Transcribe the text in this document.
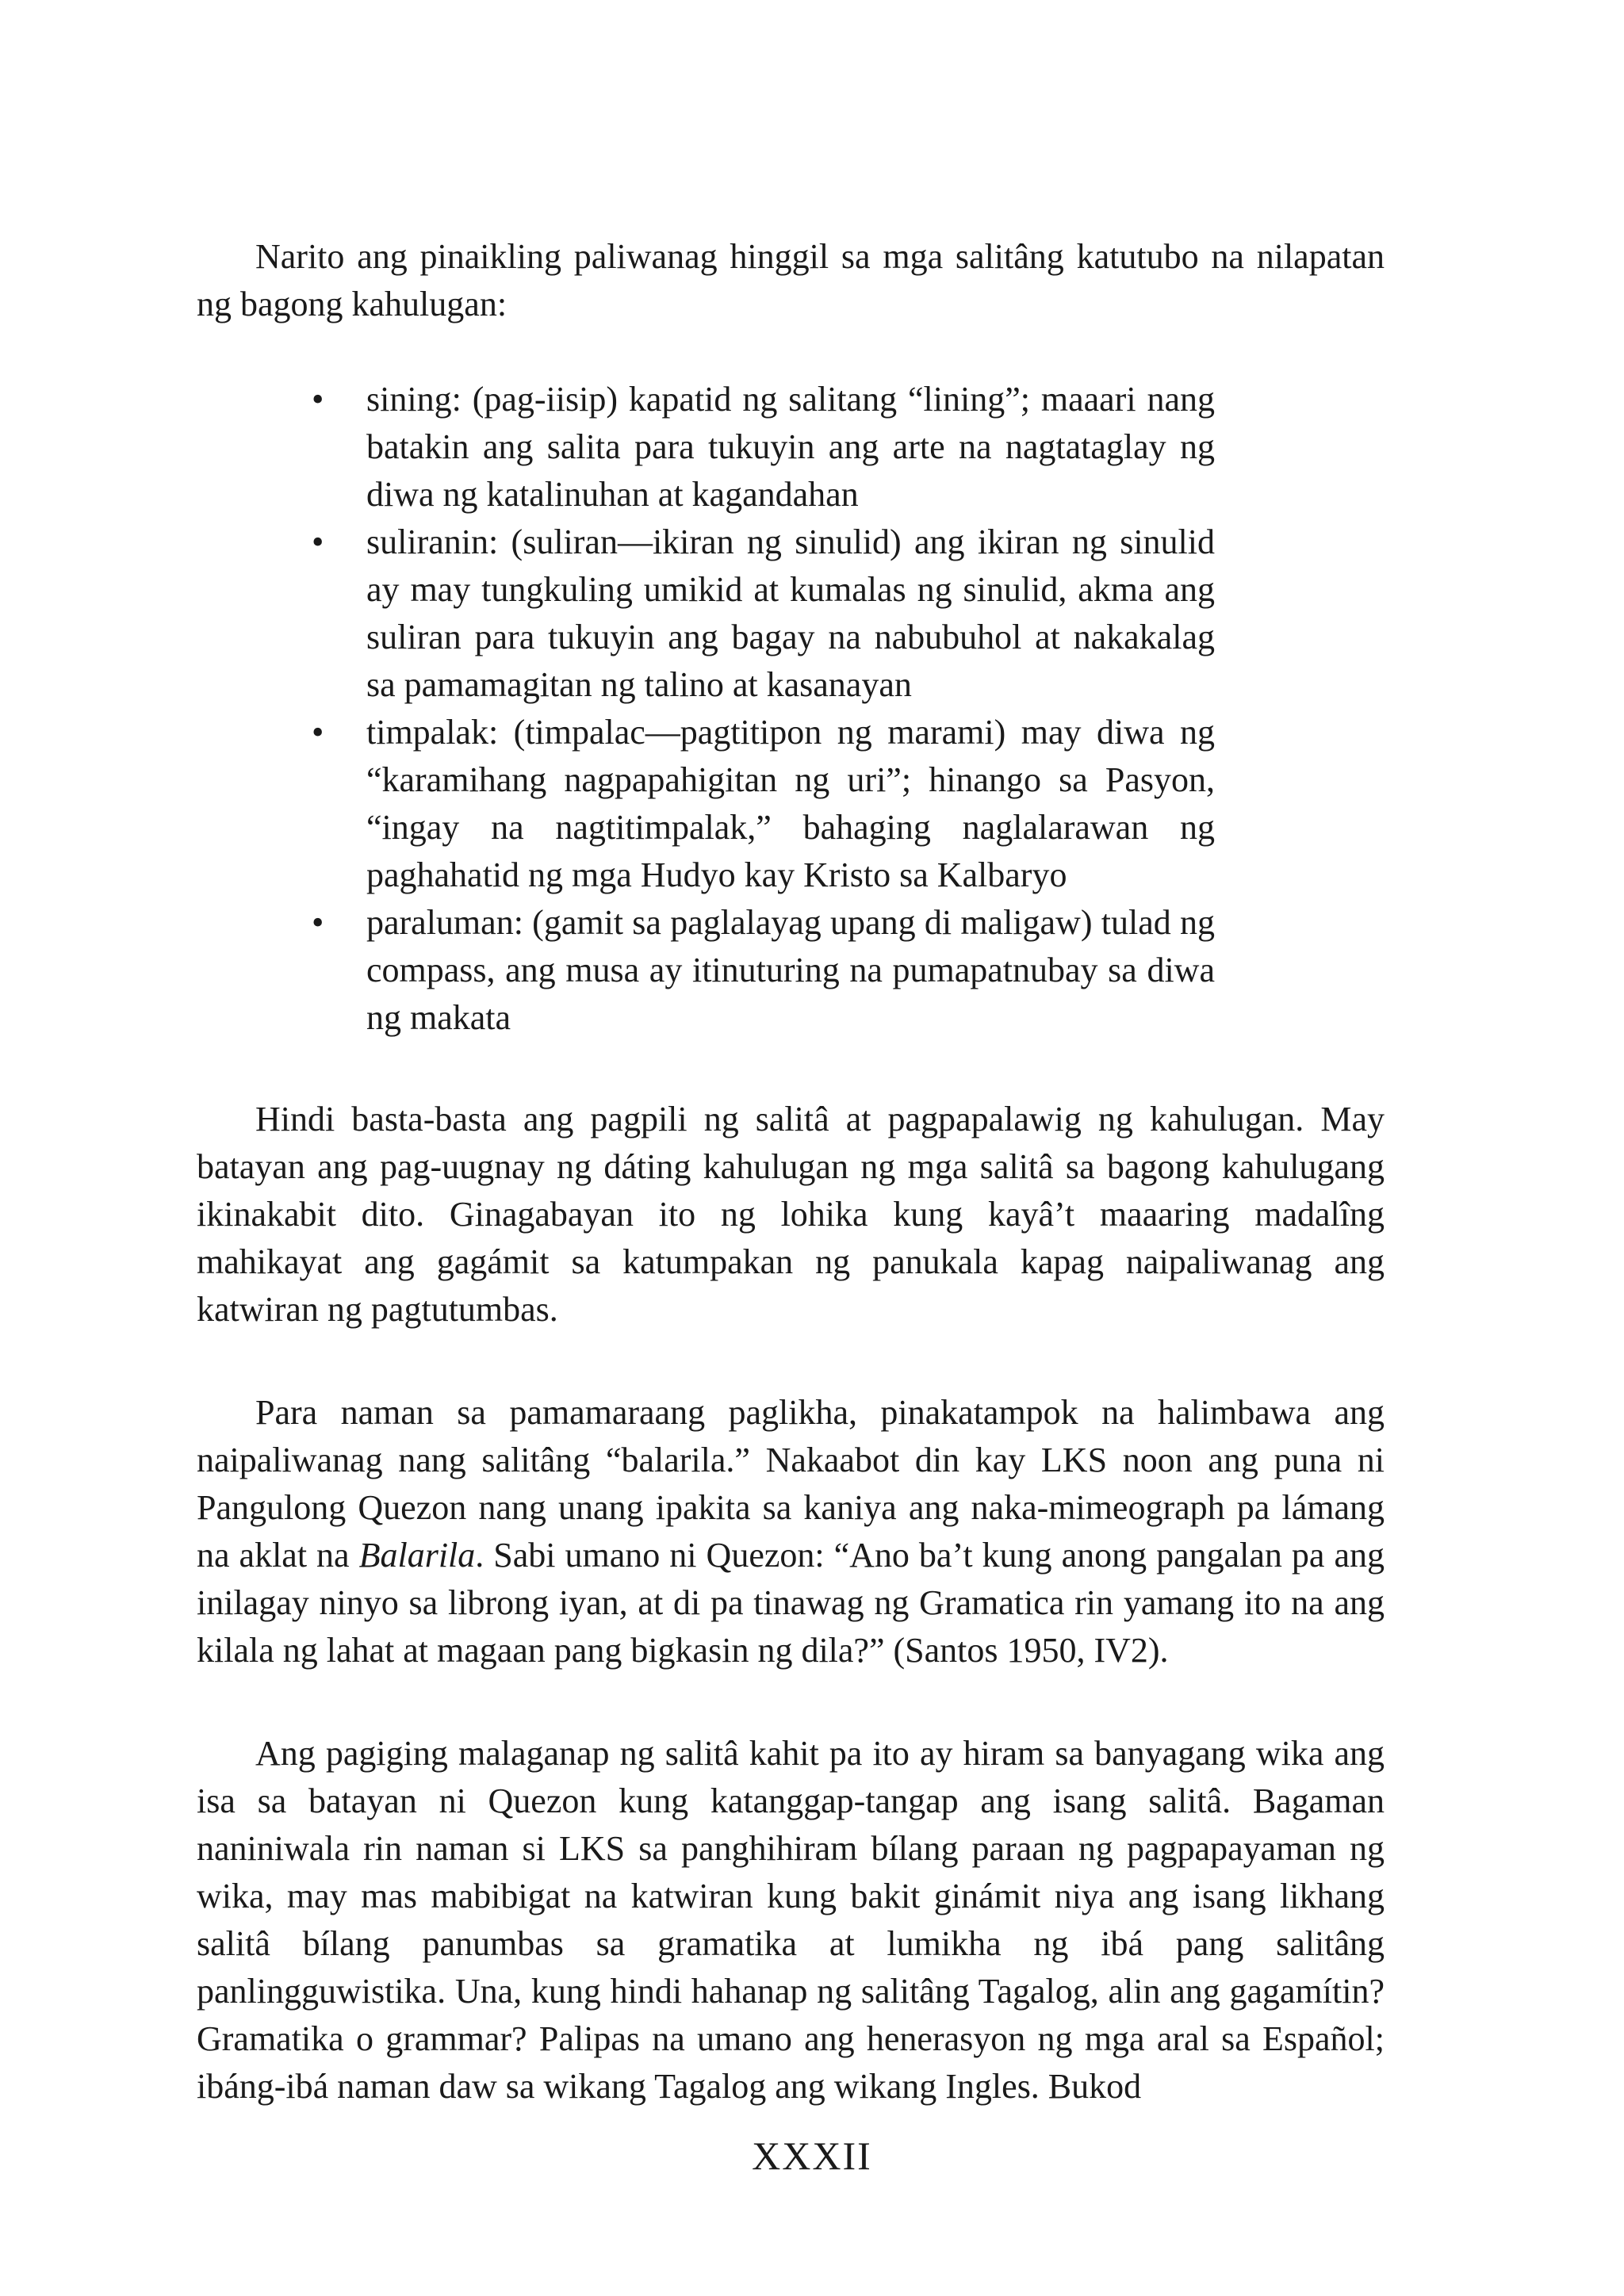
Narito ang pinaikling paliwanag hinggil sa mga salitâng katutubo na nilapatan ng bagong kahulugan:

• sining: (pag-iisip) kapatid ng salitang “lining”; maaari nang batakin ang salita para tukuyin ang arte na nagtataglay ng diwa ng katalinuhan at kagandahan
• suliranin: (suliran—ikiran ng sinulid) ang ikiran ng sinulid ay may tungkuling umikid at kumalas ng sinulid, akma ang suliran para tukuyin ang bagay na nabubuhol at nakakalag sa pamamagitan ng talino at kasanayan
• timpalak: (timpalac—pagtitipon ng marami) may diwa ng “karamihang nagpapahigitan ng uri”; hinango sa Pasyon, “ingay na nagtitimpalak,” bahaging naglalarawan ng paghahatid ng mga Hudyo kay Kristo sa Kalbaryo
• paraluman: (gamit sa paglalayag upang di maligaw) tulad ng compass, ang musa ay itinuturing na pumapatnubay sa diwa ng makata

Hindi basta-basta ang pagpili ng salitâ at pagpapalawig ng kahulugan. May batayan ang pag-uugnay ng dáting kahulugan ng mga salitâ sa bagong kahulugang ikinakabit dito. Ginagabayan ito ng lohika kung kayâ’t maaaring madalîng mahikayat ang gagámit sa katumpakan ng panukala kapag naipaliwanag ang katwiran ng pagtutumbas.

Para naman sa pamamaraang paglikha, pinakatampok na halimbawa ang naipaliwanag nang salitâng “balarila.” Nakaabot din kay LKS noon ang puna ni Pangulong Quezon nang unang ipakita sa kaniya ang naka-mimeograph pa lámang na aklat na Balarila. Sabi umano ni Quezon: “Ano ba’t kung anong pangalan pa ang inilagay ninyo sa librong iyan, at di pa tinawag ng Gramatica rin yamang ito na ang kilala ng lahat at magaan pang bigkasin ng dila?” (Santos 1950, IV2).

Ang pagiging malaganap ng salitâ kahit pa ito ay hiram sa banyagang wika ang isa sa batayan ni Quezon kung katanggap-tangap ang isang salitâ. Bagaman naniniwala rin naman si LKS sa panghihiram bílang paraan ng pagpapayaman ng wika, may mas mabibigat na katwiran kung bakit ginámit niya ang isang likhang salitâ bílang panumbas sa gramatika at lumikha ng ibá pang salitâng panlingguwistika. Una, kung hindi hahanap ng salitâng Tagalog, alin ang gagamítin? Gramatika o grammar? Palipas na umano ang henerasyon ng mga aral sa Español; ibáng-ibá naman daw sa wikang Tagalog ang wikang Ingles. Bukod

XXXII
